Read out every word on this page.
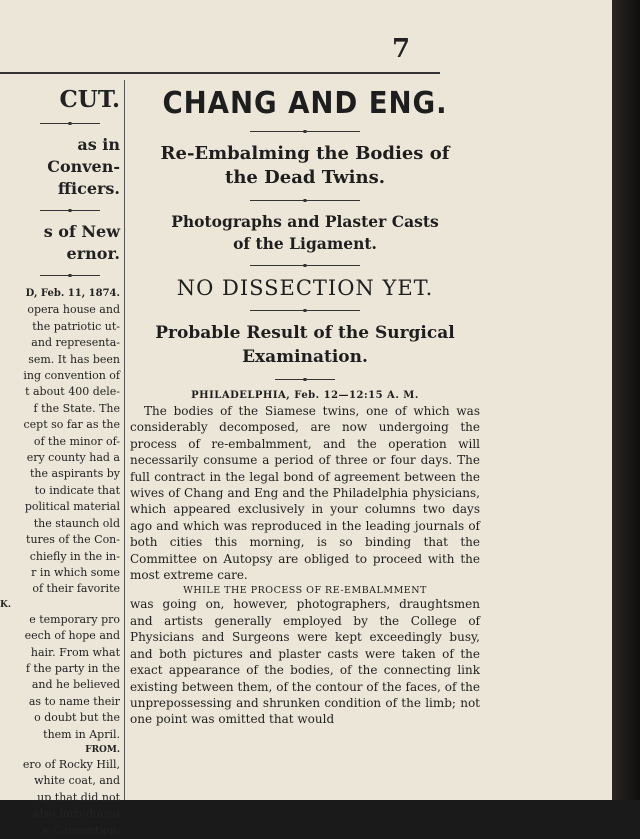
7
CUT.

as in Conven-

fficers.

s of New

ernor.

D, Feb. 11, 1874.

opera house and

the patriotic ut-

and representa-

sem. It has been

ing convention of

t about 400 dele-

f the State. The

cept so far as the

of the minor of-

ery county had a

the aspirants by

to indicate that

political material

the staunch old

tures of the Con-

chiefly in the in-

r in which some

of their favorite

K.

e temporary pro

eech of hope and

hair. From what

f the party in the

and he believed

as to name their

o doubt but the

them in April.

FROM.

ero of Rocky Hill,

white coat, and

up that did not

also introduced

e Convention,

CHANG AND ENG.

Re-Embalming the Bodies of

the Dead Twins.

Photographs and Plaster Casts

of the Ligament.

NO DISSECTION YET.

Probable Result of the Surgical

Examination.

PHILADELPHIA, Feb. 12—12:15 A. M.

The bodies of the Siamese twins, one of which was considerably decomposed, are now undergoing the process of re-embalmment, and the operation will necessarily consume a period of three or four days. The full contract in the legal bond of agreement between the wives of Chang and Eng and the Philadelphia physicians, which appeared exclusively in your columns two days ago and which was reproduced in the leading journals of both cities this morning, is so binding that the Committee on Autopsy are obliged to proceed with the most extreme care.

WHILE THE PROCESS OF RE-EMBALMMENT

was going on, however, photographers, draughtsmen and artists generally employed by the College of Physicians and Surgeons were kept exceedingly busy, and both pictures and plaster casts were taken of the exact appearance of the bodies, of the connecting link existing between them, of the contour of the faces, of the unprepossessing and shrunken condition of the limb; not one point was omitted that would
